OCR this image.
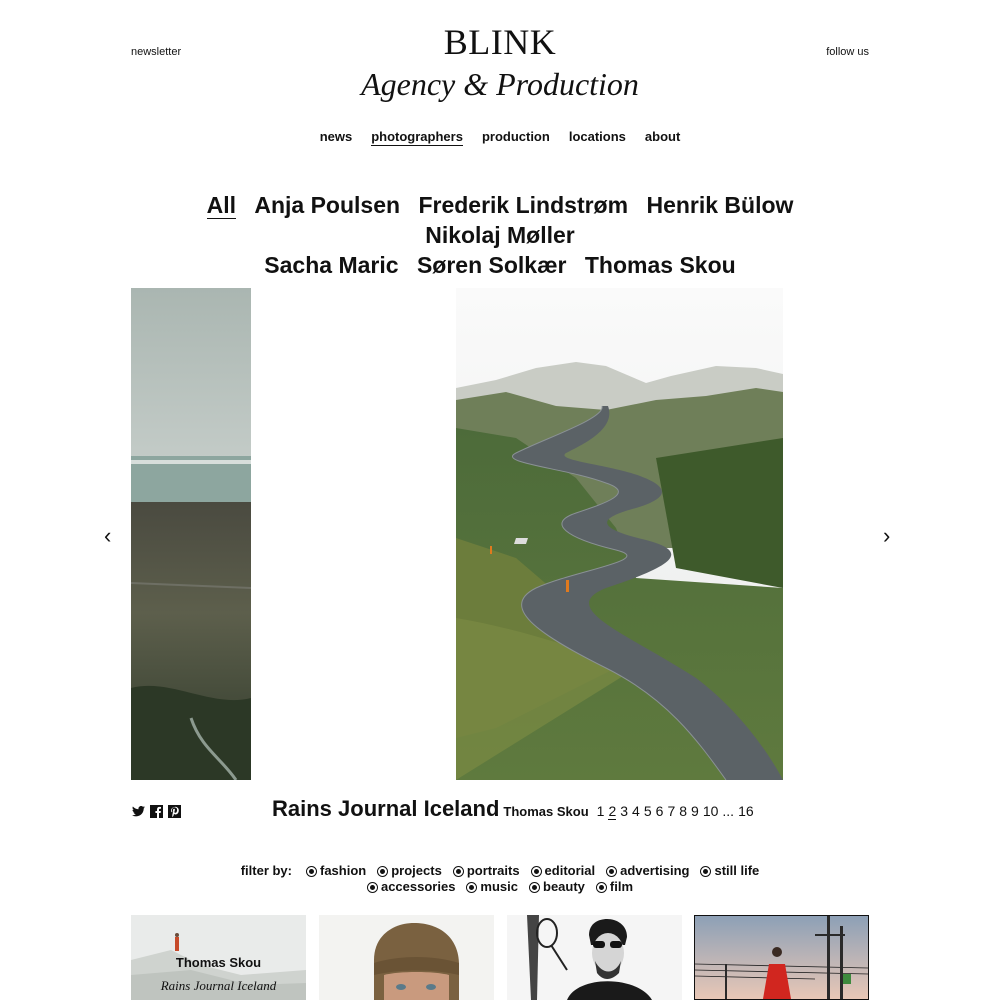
newsletter	follow us
BLINK
Agency & Production
news photographers production locations about
All Anja Poulsen Frederik Lindstrøm Henrik Bülow Nikolaj Møller
Sacha Maric Søren Solkær Thomas Skou
‹	›
Rains Journal Iceland Thomas Skou 1 2 3 4 5 6 7 8 9 10 ... 16
filter by: fashion projects portraits editorial advertising still life
accessories music beauty film
Thomas Skou
Rains Journal Iceland
